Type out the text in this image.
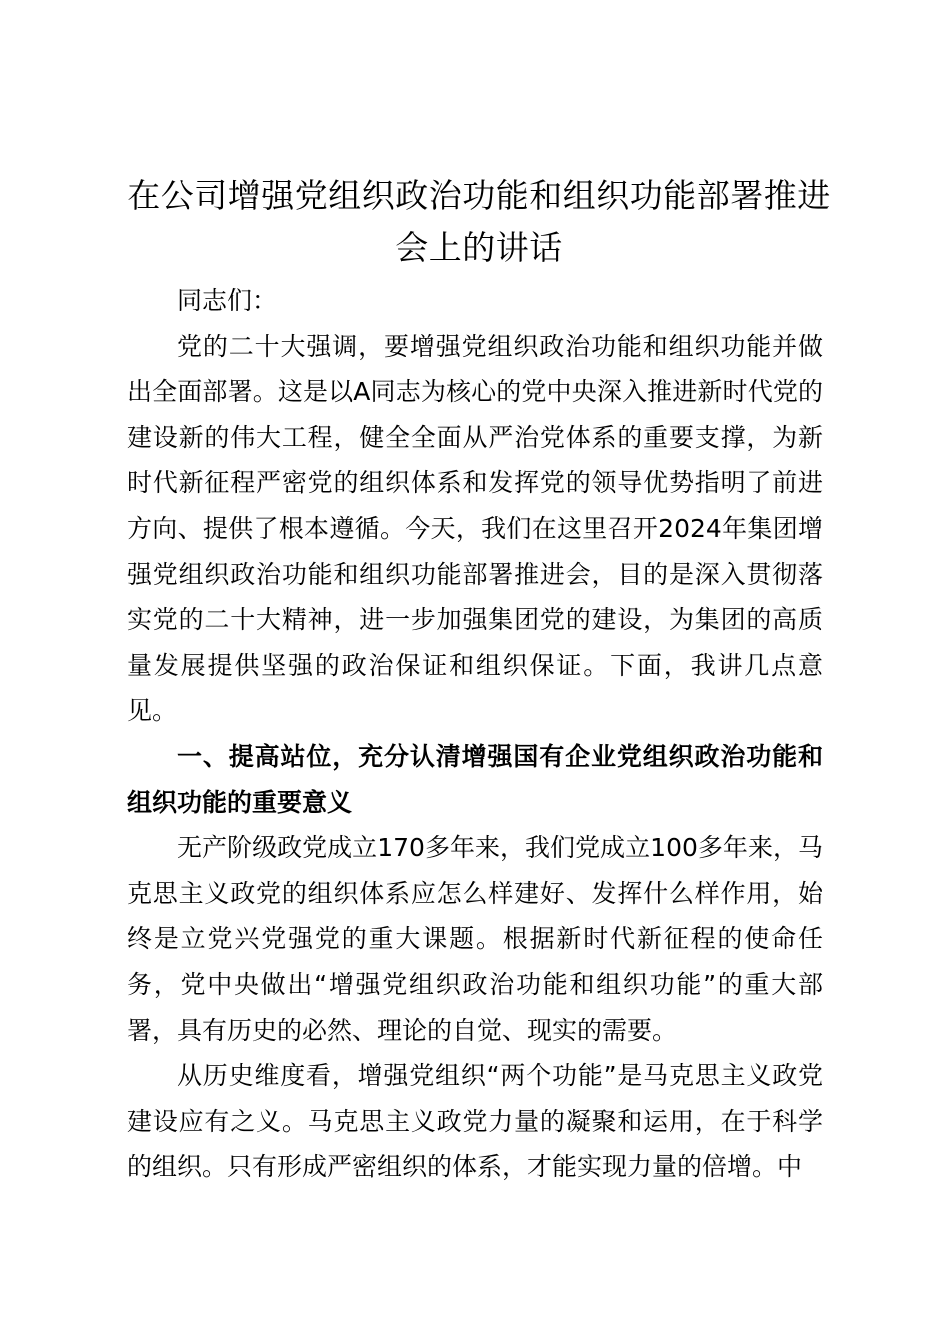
在公司增强党组织政治功能和组织功能部署推进会上的讲话

同志们：

党的二十大强调，要增强党组织政治功能和组织功能并做出全面部署。这是以A同志为核心的党中央深入推进新时代党的建设新的伟大工程，健全全面从严治党体系的重要支撑，为新时代新征程严密党的组织体系和发挥党的领导优势指明了前进方向、提供了根本遵循。今天，我们在这里召开2024年集团增强党组织政治功能和组织功能部署推进会，目的是深入贯彻落实党的二十大精神，进一步加强集团党的建设，为集团的高质量发展提供坚强的政治保证和组织保证。下面，我讲几点意见。

一、提高站位，充分认清增强国有企业党组织政治功能和组织功能的重要意义

无产阶级政党成立170多年来，我们党成立100多年来，马克思主义政党的组织体系应怎么样建好、发挥什么样作用，始终是立党兴党强党的重大课题。根据新时代新征程的使命任务，党中央做出“增强党组织政治功能和组织功能”的重大部署，具有历史的必然、理论的自觉、现实的需要。

从历史维度看，增强党组织“两个功能”是马克思主义政党建设应有之义。马克思主义政党力量的凝聚和运用，在于科学的组织。只有形成严密组织的体系，才能实现力量的倍增。中
